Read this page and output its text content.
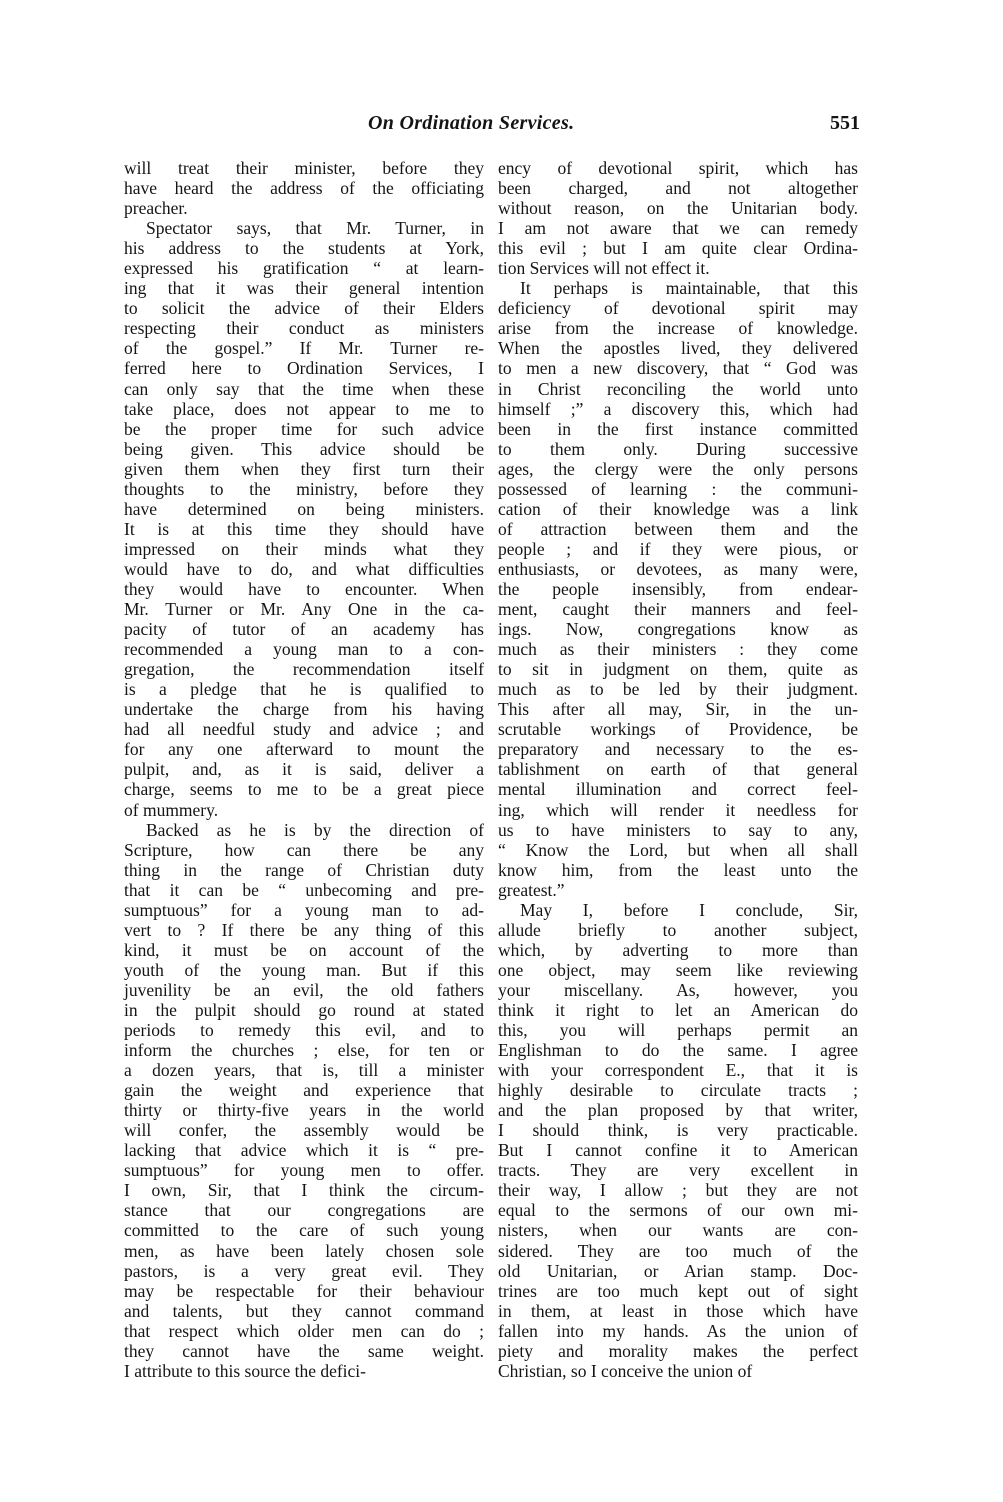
On Ordination Services.	551
will treat their minister, before they
have heard the address of the officiating
preacher.
Spectator says, that Mr. Turner, in
his address to the students at York,
expressed his gratification “ at learn-
ing that it was their general intention
to solicit the advice of their Elders
respecting their conduct as ministers
of the gospel.” If Mr. Turner re-
ferred here to Ordination Services, I
can only say that the time when these
take place, does not appear to me to
be the proper time for such advice
being given. This advice should be
given them when they first turn their
thoughts to the ministry, before they
have determined on being ministers.
It is at this time they should have
impressed on their minds what they
would have to do, and what difficulties
they would have to encounter. When
Mr. Turner or Mr. Any One in the ca-
pacity of tutor of an academy has
recommended a young man to a con-
gregation, the recommendation itself
is a pledge that he is qualified to
undertake the charge from his having
had all needful study and advice ; and
for any one afterward to mount the
pulpit, and, as it is said, deliver a
charge, seems to me to be a great piece
of mummery.
Backed as he is by the direction of
Scripture, how can there be any
thing in the range of Christian duty
that it can be “ unbecoming and pre-
sumptuous” for a young man to ad-
vert to ? If there be any thing of this
kind, it must be on account of the
youth of the young man. But if this
juvenility be an evil, the old fathers
in the pulpit should go round at stated
periods to remedy this evil, and to
inform the churches ; else, for ten or
a dozen years, that is, till a minister
gain the weight and experience that
thirty or thirty-five years in the world
will confer, the assembly would be
lacking that advice which it is “ pre-
sumptuous” for young men to offer.
I own, Sir, that I think the circum-
stance that our congregations are
committed to the care of such young
men, as have been lately chosen sole
pastors, is a very great evil. They
may be respectable for their behaviour
and talents, but they cannot command
that respect which older men can do ;
they cannot have the same weight.
I attribute to this source the defici-
ency of devotional spirit, which has
been charged, and not altogether
without reason, on the Unitarian body.
I am not aware that we can remedy
this evil ; but I am quite clear Ordina-
tion Services will not effect it.
It perhaps is maintainable, that this
deficiency of devotional spirit may
arise from the increase of knowledge.
When the apostles lived, they delivered
to men a new discovery, that “ God was
in Christ reconciling the world unto
himself ;” a discovery this, which had
been in the first instance committed
to them only. During successive
ages, the clergy were the only persons
possessed of learning : the communi-
cation of their knowledge was a link
of attraction between them and the
people ; and if they were pious, or
enthusiasts, or devotees, as many were,
the people insensibly, from endear-
ment, caught their manners and feel-
ings. Now, congregations know as
much as their ministers : they come
to sit in judgment on them, quite as
much as to be led by their judgment.
This after all may, Sir, in the un-
scrutable workings of Providence, be
preparatory and necessary to the es-
tablishment on earth of that general
mental illumination and correct feel-
ing, which will render it needless for
us to have ministers to say to any,
“ Know the Lord, but when all shall
know him, from the least unto the
greatest.”
May I, before I conclude, Sir,
allude briefly to another subject,
which, by adverting to more than
one object, may seem like reviewing
your miscellany. As, however, you
think it right to let an American do
this, you will perhaps permit an
Englishman to do the same. I agree
with your correspondent E., that it is
highly desirable to circulate tracts ;
and the plan proposed by that writer,
I should think, is very practicable.
But I cannot confine it to American
tracts. They are very excellent in
their way, I allow ; but they are not
equal to the sermons of our own mi-
nisters, when our wants are con-
sidered. They are too much of the
old Unitarian, or Arian stamp. Doc-
trines are too much kept out of sight
in them, at least in those which have
fallen into my hands. As the union of
piety and morality makes the perfect
Christian, so I conceive the union of
